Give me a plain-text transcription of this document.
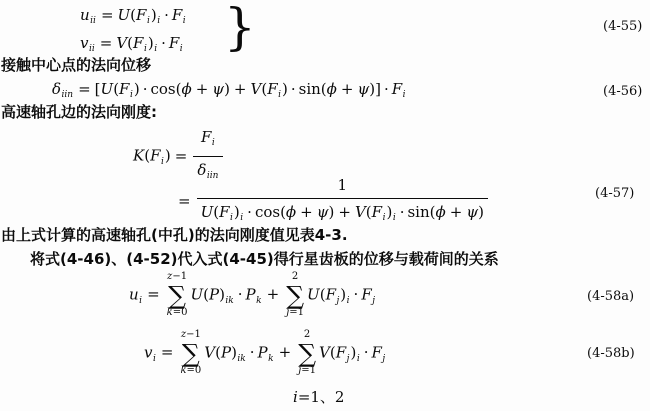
$u_{ii} = U(F_i)_i \cdot F_i$
$v_{ii} = V(F_i)_i \cdot F_i$ }	(4-55)
接触中心点的法向位移
$\delta_{iin} = [U(F_i) \cdot \cos(\phi + \psi) + V(F_i) \cdot \sin(\phi + \psi)] \cdot F_i$	(4-56)
高速轴孔边的法向刚度:
$K(F_i) = \frac{F_i}{\delta_{iin}}$
= $\frac{1}{U(F_i)_i \cdot \cos(\phi + \psi) + V(F_i)_i \cdot \sin(\phi + \psi)}$	(4-57)
由上式计算的高速轴孔(中孔)的法向刚度值见表4-3.
将式(4-46)、(4-52)代入式(4-45)得行星齿板的位移与载荷间的关系
$u_i$ =
z−1
∑
k=0
$U(P)_{ik} \cdot P_k$ +
2
∑
j=1
$U(F_j)_i \cdot F_j$	(4-58a)
$v_i$ =
z−1
∑
k=0
$V(P)_{ik} \cdot P_k$ +
2
∑
j=1
$V(F_j)_i \cdot F_j$	(4-58b)
i=1、2
